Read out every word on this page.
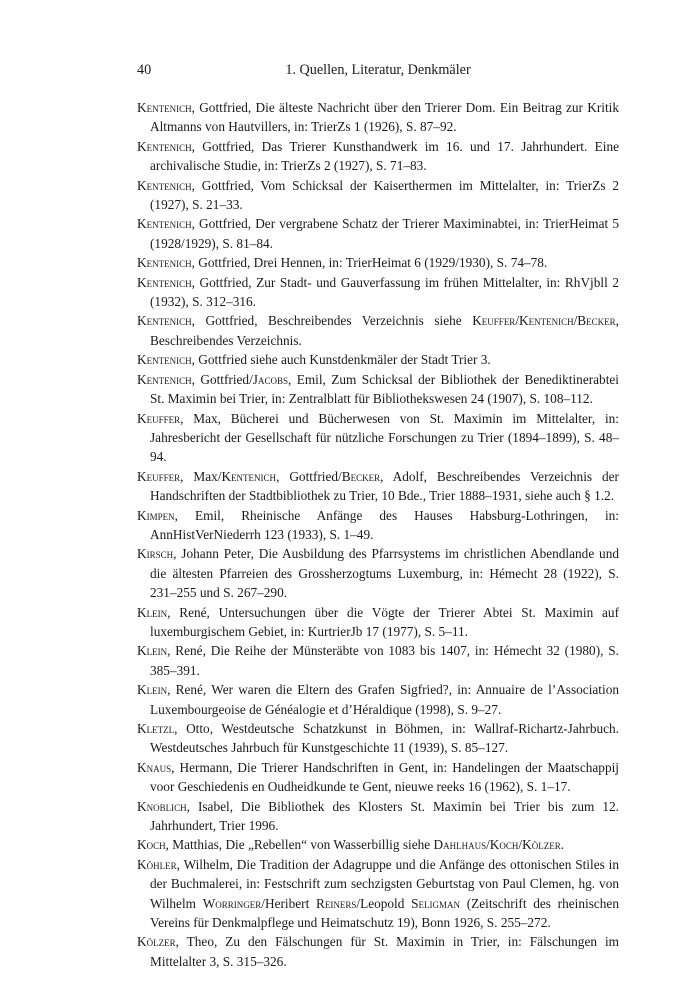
40	1. Quellen, Literatur, Denkmäler
Kentenich, Gottfried, Die älteste Nachricht über den Trierer Dom. Ein Beitrag zur Kritik Altmanns von Hautvillers, in: TrierZs 1 (1926), S. 87–92.
Kentenich, Gottfried, Das Trierer Kunsthandwerk im 16. und 17. Jahrhundert. Eine archivalische Studie, in: TrierZs 2 (1927), S. 71–83.
Kentenich, Gottfried, Vom Schicksal der Kaiserthermen im Mittelalter, in: TrierZs 2 (1927), S. 21–33.
Kentenich, Gottfried, Der vergrabene Schatz der Trierer Maximinabtei, in: TrierHeimat 5 (1928/1929), S. 81–84.
Kentenich, Gottfried, Drei Hennen, in: TrierHeimat 6 (1929/1930), S. 74–78.
Kentenich, Gottfried, Zur Stadt- und Gauverfassung im frühen Mittelalter, in: RhVjbll 2 (1932), S. 312–316.
Kentenich, Gottfried, Beschreibendes Verzeichnis siehe Keuffer/Kentenich/Becker, Beschreibendes Verzeichnis.
Kentenich, Gottfried siehe auch Kunstdenkmäler der Stadt Trier 3.
Kentenich, Gottfried/Jacobs, Emil, Zum Schicksal der Bibliothek der Benediktinerabtei St. Maximin bei Trier, in: Zentralblatt für Bibliothekswesen 24 (1907), S. 108–112.
Keuffer, Max, Bücherei und Bücherwesen von St. Maximin im Mittelalter, in: Jahresbericht der Gesellschaft für nützliche Forschungen zu Trier (1894–1899), S. 48–94.
Keuffer, Max/Kentenich, Gottfried/Becker, Adolf, Beschreibendes Verzeichnis der Handschriften der Stadtbibliothek zu Trier, 10 Bde., Trier 1888–1931, siehe auch § 1.2.
Kimpen, Emil, Rheinische Anfänge des Hauses Habsburg-Lothringen, in: AnnHistVerNiederrh 123 (1933), S. 1–49.
Kirsch, Johann Peter, Die Ausbildung des Pfarrsystems im christlichen Abendlande und die ältesten Pfarreien des Grossherzogtums Luxemburg, in: Hémecht 28 (1922), S. 231–255 und S. 267–290.
Klein, René, Untersuchungen über die Vögte der Trierer Abtei St. Maximin auf luxemburgischem Gebiet, in: KurtrierJb 17 (1977), S. 5–11.
Klein, René, Die Reihe der Münsteräbte von 1083 bis 1407, in: Hémecht 32 (1980), S. 385–391.
Klein, René, Wer waren die Eltern des Grafen Sigfried?, in: Annuaire de l’Association Luxembourgeoise de Généalogie et d’Héraldique (1998), S. 9–27.
Kletzl, Otto, Westdeutsche Schatzkunst in Böhmen, in: Wallraf-Richartz-Jahrbuch. Westdeutsches Jahrbuch für Kunstgeschichte 11 (1939), S. 85–127.
Knaus, Hermann, Die Trierer Handschriften in Gent, in: Handelingen der Maatschappij voor Geschiedenis en Oudheidkunde te Gent, nieuwe reeks 16 (1962), S. 1–17.
Knoblich, Isabel, Die Bibliothek des Klosters St. Maximin bei Trier bis zum 12. Jahrhundert, Trier 1996.
Koch, Matthias, Die „Rebellen“ von Wasserbillig siehe Dahlhaus/Koch/Kölzer.
Köhler, Wilhelm, Die Tradition der Adagruppe und die Anfänge des ottonischen Stiles in der Buchmalerei, in: Festschrift zum sechzigsten Geburtstag von Paul Clemen, hg. von Wilhelm Worringer/Heribert Reiners/Leopold Seligman (Zeitschrift des rheinischen Vereins für Denkmalpflege und Heimatschutz 19), Bonn 1926, S. 255–272.
Kölzer, Theo, Zu den Fälschungen für St. Maximin in Trier, in: Fälschungen im Mittelalter 3, S. 315–326.
